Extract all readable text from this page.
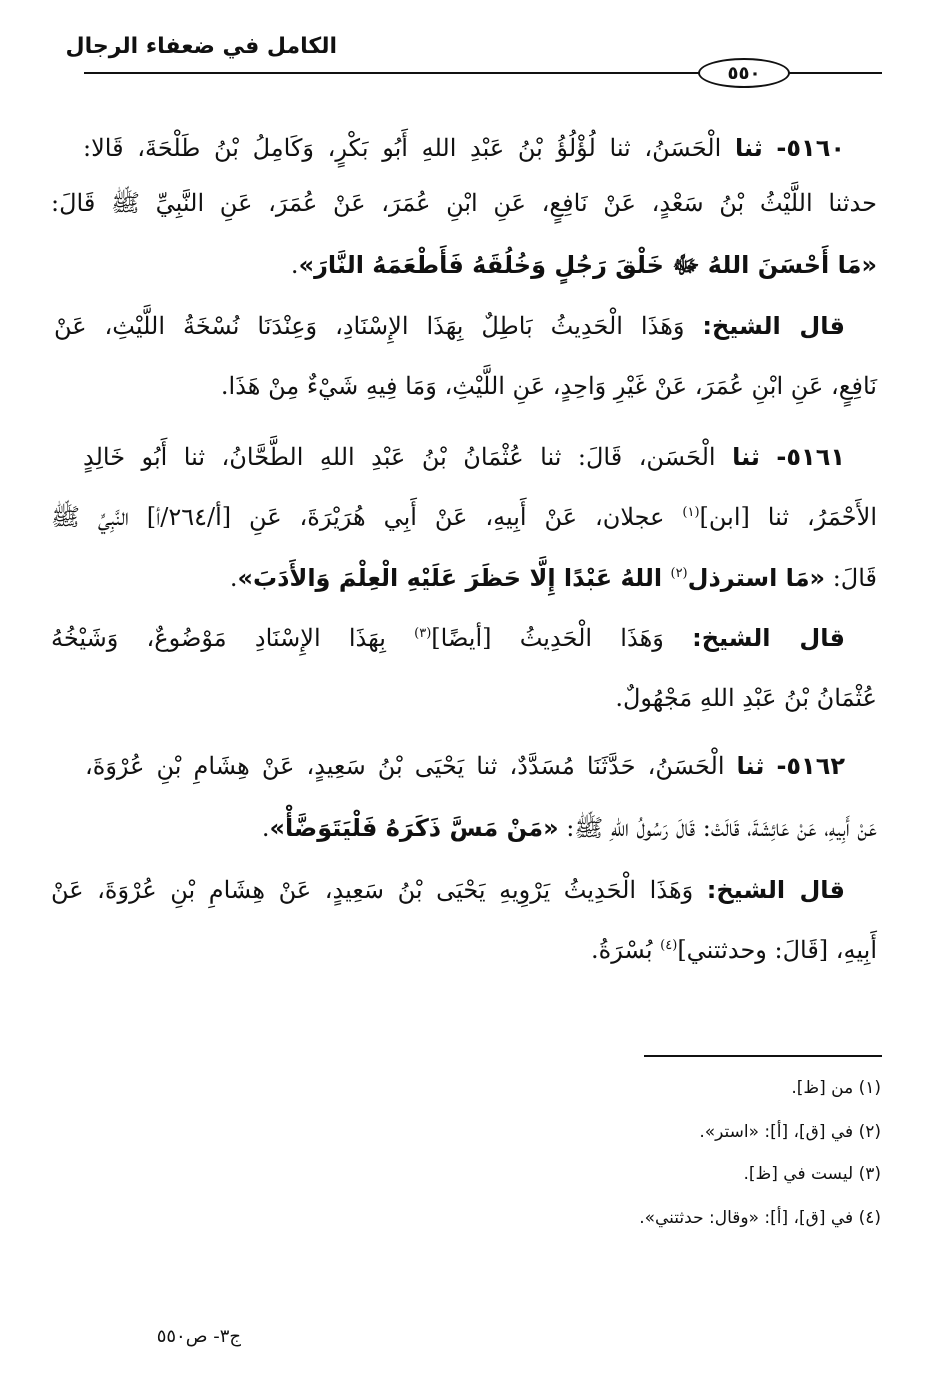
الكامل في ضعفاء الرجال
٥٥٠
٥١٦٠- ثنا الْحَسَنُ، ثنا لُؤْلُؤُ بْنُ عَبْدِ اللهِ أَبُو بَكْرٍ، وَكَامِلُ بْنُ طَلْحَةَ، قَالا:
حدثنا اللَّيْثُ بْنُ سَعْدٍ، عَنْ نَافِعٍ، عَنِ ابْنِ عُمَرَ، عَنْ عُمَرَ، عَنِ النَّبِيِّ ﷺ قَالَ:
«مَا أَحْسَنَ اللهُ ﷻ خَلْقَ رَجُلٍ وَخُلُقَهُ فَأَطْعَمَهُ النَّارَ».
قال الشيخ: وَهَذَا الْحَدِيثُ بَاطِلٌ بِهَذَا الإِسْنَادِ، وَعِنْدَنَا نُسْخَةُ اللَّيْثِ، عَنْ
نَافِعٍ، عَنِ ابْنِ عُمَرَ، عَنْ غَيْرِ وَاحِدٍ، عَنِ اللَّيْثِ، وَمَا فِيهِ شَيْءٌ مِنْ هَذَا.
٥١٦١- ثنا الْحَسَن، قَالَ: ثنا عُثْمَانُ بْنُ عَبْدِ اللهِ الطَّحَّانُ، ثنا أَبُو خَالِدٍ
الأَحْمَرُ، ثنا [ابن]$^{(١)}$ عجلان، عَنْ أَبِيهِ، عَنْ أَبِي هُرَيْرَةَ، عَنِ [أ/٢٦٤/أ] النَّبِيِّ ﷺ
قَالَ: «مَا استرذل$^{(٢)}$ اللهُ عَبْدًا إِلَّا حَظَرَ عَلَيْهِ الْعِلْمَ وَالأَدَبَ».
قال الشيخ: وَهَذَا الْحَدِيثُ [أيضًا]$^{(٣)}$ بِهَذَا الإِسْنَادِ مَوْضُوعٌ، وَشَيْخُهُ
عُثْمَانُ بْنُ عَبْدِ اللهِ مَجْهُولٌ.
٥١٦٢- ثنا الْحَسَنُ، حَدَّثَنَا مُسَدَّدٌ، ثنا يَحْيَى بْنُ سَعِيدٍ، عَنْ هِشَامِ بْنِ عُرْوَةَ،
عَنْ أَبِيهِ، عَنْ عَائِشَةَ، قَالَتْ: قَالَ رَسُولُ اللهِ ﷺ: «مَنْ مَسَّ ذَكَرَهُ فَلْيَتَوَضَّأْ».
قال الشيخ: وَهَذَا الْحَدِيثُ يَرْوِيهِ يَحْيَى بْنُ سَعِيدٍ، عَنْ هِشَامِ بْنِ عُرْوَةَ، عَنْ
أَبِيهِ، [قَالَ: وحدثتني]$^{(٤)}$ بُسْرَةُ.
(١) من [ظ].
(٢) في [ق]، [أ]: «استر».
(٣) ليست في [ظ].
(٤) في [ق]، [أ]: «وقال: حدثتني».
ج٣- ص٥٥٠
